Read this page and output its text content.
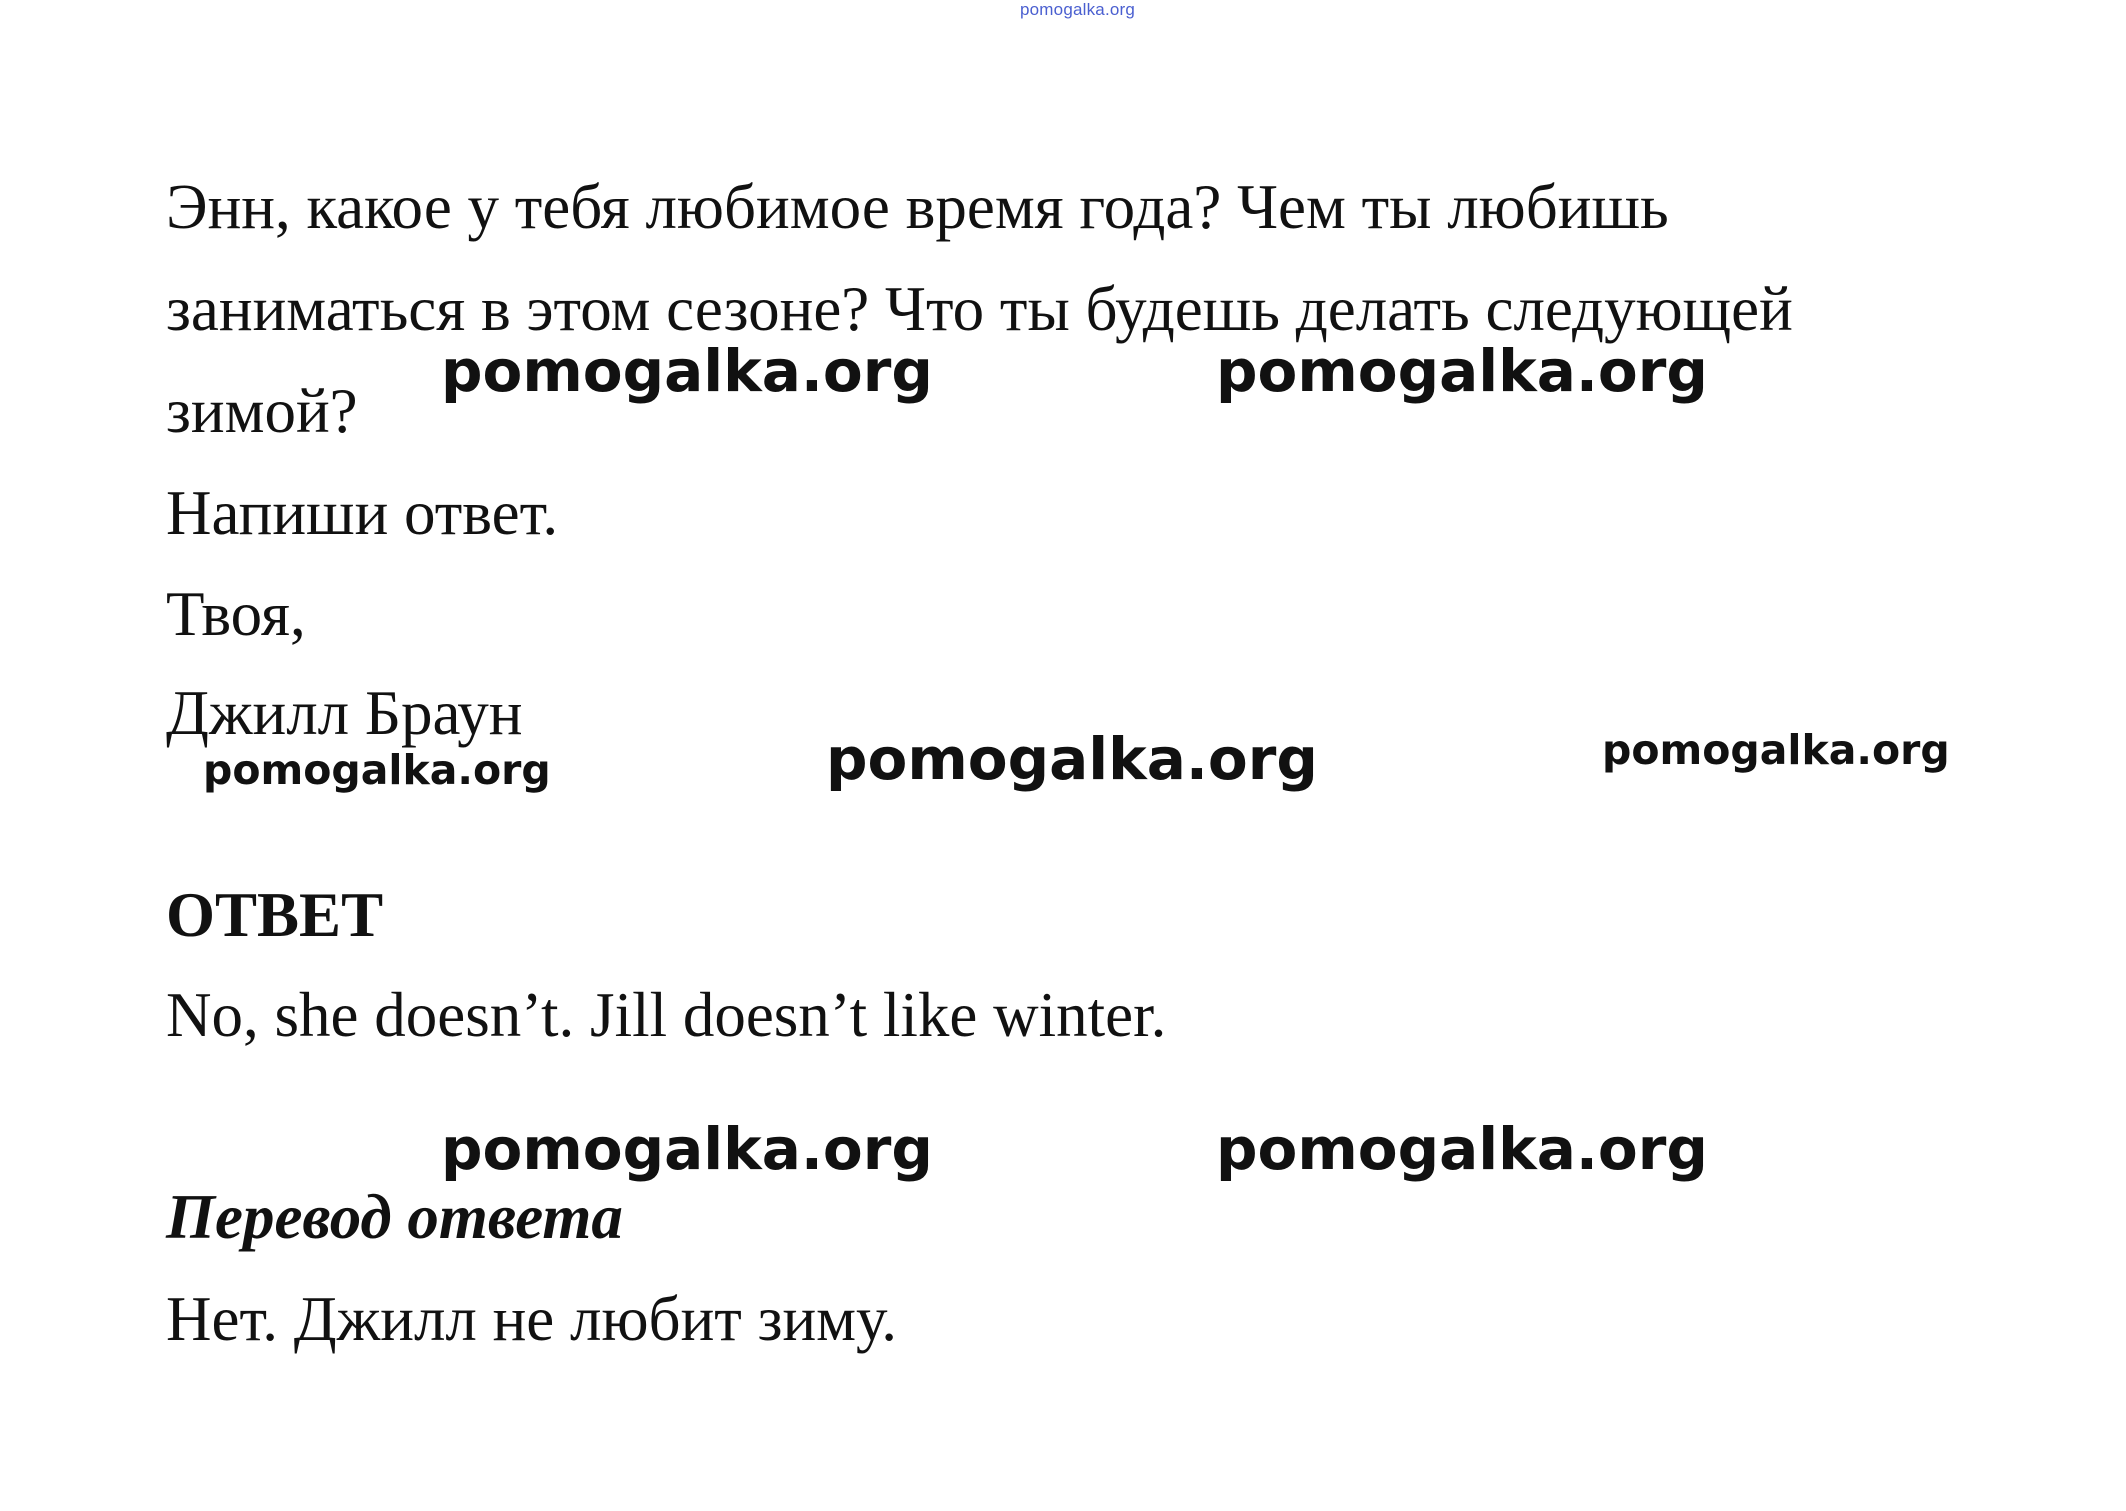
pomogalka.org
Энн, какое у тебя любимое время года? Чем ты любишь
заниматься в этом сезоне? Что ты будешь делать следующей
зимой?
Напиши ответ.
Твоя,
Джилл Браун
pomogalka.org	pomogalka.org
pomogalka.org	pomogalka.org	pomogalka.org
ОТВЕТ
No, she doesn’t. Jill doesn’t like winter.
pomogalka.org	pomogalka.org
Перевод ответа
Нет. Джилл не любит зиму.
